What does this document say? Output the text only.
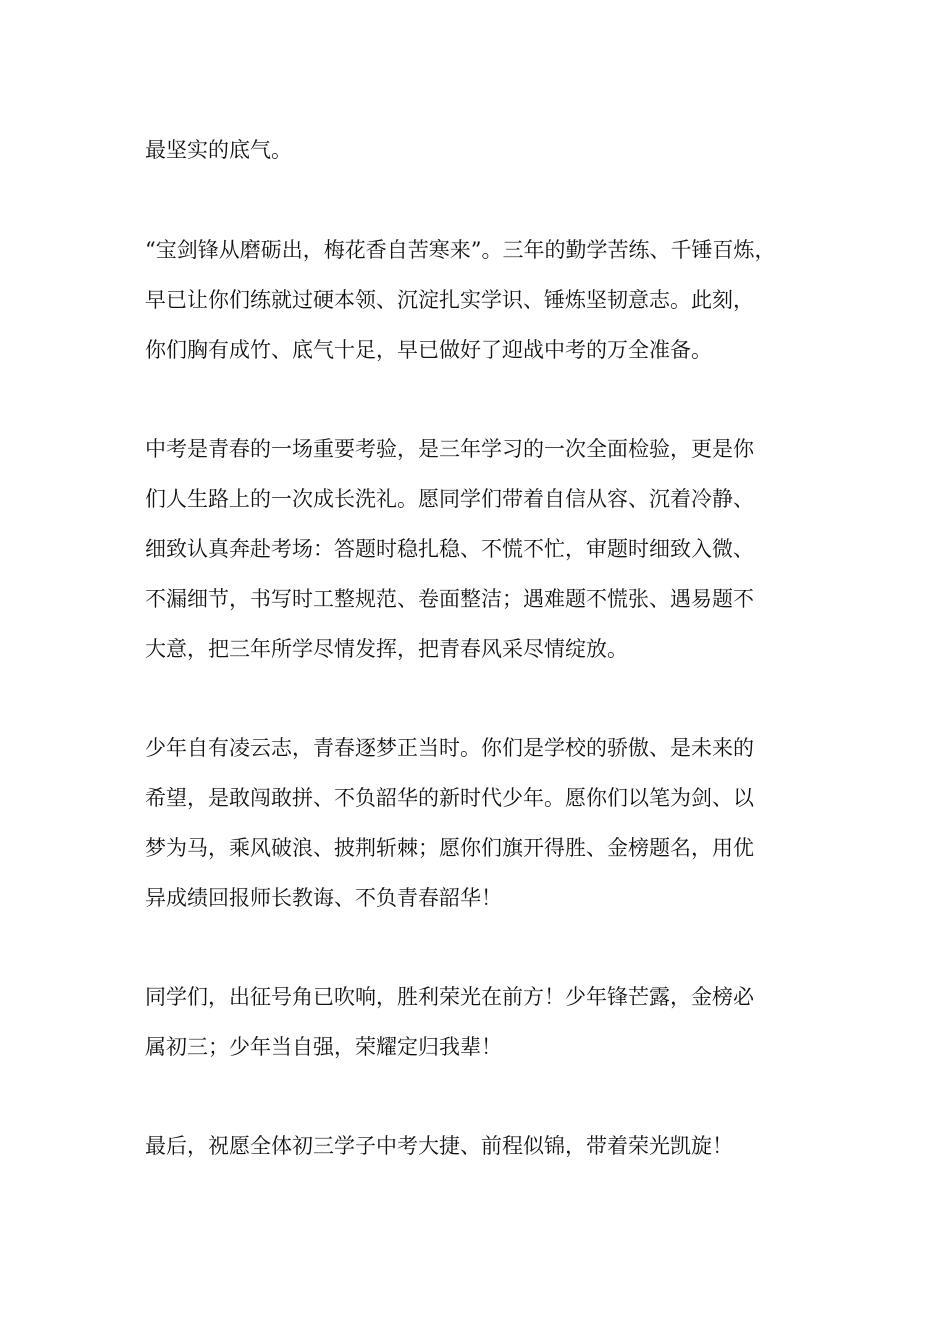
最坚实的底气。

“宝剑锋从磨砺出，梅花香自苦寒来”。三年的勤学苦练、千锤百炼，
早已让你们练就过硬本领、沉淀扎实学识、锤炼坚韧意志。此刻，
你们胸有成竹、底气十足，早已做好了迎战中考的万全准备。

中考是青春的一场重要考验，是三年学习的一次全面检验，更是你
们人生路上的一次成长洗礼。愿同学们带着自信从容、沉着冷静、
细致认真奔赴考场：答题时稳扎稳、不慌不忙，审题时细致入微、
不漏细节，书写时工整规范、卷面整洁；遇难题不慌张、遇易题不
大意，把三年所学尽情发挥，把青春风采尽情绽放。

少年自有凌云志，青春逐梦正当时。你们是学校的骄傲、是未来的
希望，是敢闯敢拼、不负韶华的新时代少年。愿你们以笔为剑、以
梦为马，乘风破浪、披荆斩棘；愿你们旗开得胜、金榜题名，用优
异成绩回报师长教诲、不负青春韶华！

同学们，出征号角已吹响，胜利荣光在前方！少年锋芒露，金榜必
属初三；少年当自强，荣耀定归我辈！

最后，祝愿全体初三学子中考大捷、前程似锦，带着荣光凯旋！
